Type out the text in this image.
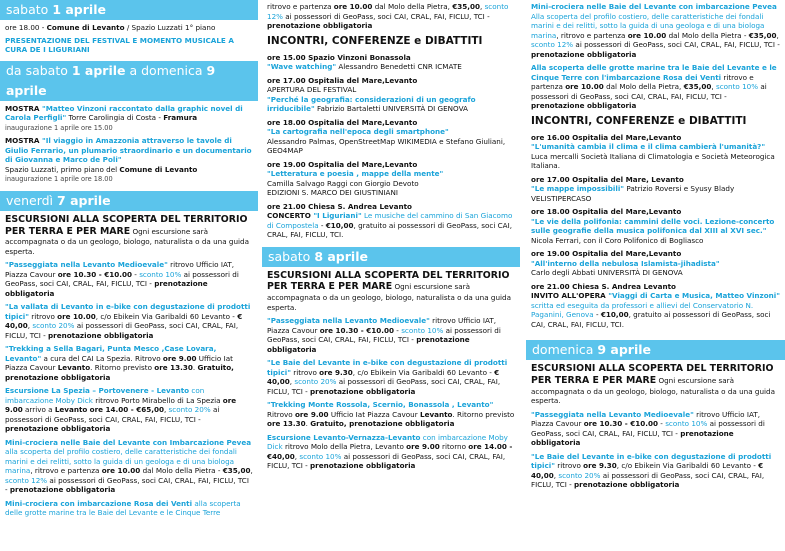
sabato 1 aprile

ore 18.00 - Comune di Levanto / Spazio Luzzati 1° piano

PRESENTAZIONE DEL FESTIVAL E MOMENTO MUSICALE A CURA DE I LIGURIANI

da sabato 1 aprile a domenica 9 aprile
MOSTRA "Matteo Vinzoni raccontato dalla graphic novel di Carola Perfigli" Torre Carolingia di Costa - Framura
inaugurazione 1 aprile ore 15.00
MOSTRA "Il viaggio in Amazzonia attraverso le tavole di Giulio Ferrario, un plumario straordinario e un documentario di Giovanna e Marco de Poli"
Spazio Luzzati, primo piano del Comune di Levanto
inaugurazione 1 aprile ore 18.00
venerdì 7 aprile
ESCURSIONI ALLA SCOPERTA DEL TERRITORIO PER TERRA E PER MARE Ogni escursione sarà accompagnata o da un geologo, biologo, naturalista o da una guida esperta.
"Passeggiata nella Levanto Medioevale" ritrovo Ufficio IAT, Piazza Cavour ore 10.30 - €10.00 - sconto 10% ai possessori di GeoPass, soci CAI, CRAL, FAI, FICLU, TCI - prenotazione obbligatoria
"La vallata di Levanto in e-bike con degustazione di prodotti tipici" ritrovo ore 10.00, c/o Ebikein Via Garibaldi 60 Levanto - € 40,00, sconto 20% ai possessori di GeoPass, soci CAI, CRAL, FAI, FICLU, TCI - prenotazione obbligatoria
"Trekking a Sella Bagari, Punta Mesco ,Case Lovara, Levanto" a cura del CAI La Spezia. Ritrovo ore 9.00 Ufficio Iat Piazza Cavour Levanto. Ritorno previsto ore 13.30. Gratuito, prenotazione obbligatoria
Escursione La Spezia – Portovenere - Levanto con imbarcazione Moby Dick ritrovo Porto Mirabello di La Spezia ore 9.00 arrivo a Levanto ore 14.00 - €65,00, sconto 20% ai possessori di GeoPass, soci CAI, CRAL, FAI, FICLU, TCI - prenotazione obbligatoria
Mini-crociera nelle Baie del Levante con Imbarcazione Pevea alla scoperta del profilo costiero, delle caratteristiche dei fondali marini e dei relitti, sotto la guida di un geologa e di una biologa marina, ritrovo e partenza ore 10.00 dal Molo della Pietra - €35,00, sconto 12% ai possessori di GeoPass, soci CAI, CRAL, FAI, FICLU, TCI - prenotazione obbligatoria
Mini-crociera con imbarcazione Rosa dei Venti alla scoperta delle grotte marine tra le Baie del Levante e le Cinque Terre
ritrovo e partenza ore 10.00 dal Molo della Pietra, €35,00, sconto 12% ai possessori di GeoPass, soci CAI, CRAL, FAI, FICLU, TCI - prenotazione obbligatoria

INCONTRI, CONFERENZE e DIBATTITI

ore 15.00 Spazio Vinzoni Bonassola
"Wave watching" Alessandro Benedetti CNR ICMATE
ore 17.00 Ospitalia del Mare,Levanto
APERTURA DEL FESTIVAL
"Perché la geografia: considerazioni di un geografo irriducibile" Fabrizio Bartaletti UNIVERSITÀ DI GENOVA
ore 18.00 Ospitalia del Mare,Levanto
"La cartografia nell'epoca degli smartphone"
Alessandro Palmas, OpenStreetMap WIKIMEDIA e Stefano Giuliani, GEO4MAP
ore 19.00 Ospitalia del Mare,Levanto
"Letteratura e poesia , mappe della mente"
Camilla Salvago Raggi con Giorgio Devoto
EDIZIONI S. MARCO DEI GIUSTINIANI
ore 21.00 Chiesa S. Andrea Levanto
CONCERTO "I Liguriani" Le musiche del cammino di San Giacomo di Compostela - €10,00, gratuito ai possessori di GeoPass, soci CAI, CRAL, FAI, FICLU, TCI.
sabato 8 aprile
ESCURSIONI ALLA SCOPERTA DEL TERRITORIO PER TERRA E PER MARE Ogni escursione sarà accompagnata o da un geologo, biologo, naturalista o da una guida esperta.
"Passeggiata nella Levanto Medioevale" ritrovo Ufficio IAT, Piazza Cavour ore 10.30 - €10.00 - sconto 10% ai possessori di GeoPass, soci CAI, CRAL, FAI, FICLU, TCI - prenotazione obbligatoria
"Le Baie del Levante in e-bike con degustazione di prodotti tipici" ritrovo ore 9.30, c/o Ebikein Via Garibaldi 60 Levanto - € 40,00, sconto 20% ai possessori di GeoPass, soci CAI, CRAL, FAI, FICLU, TCI - prenotazione obbligatoria
"Trekking Monte Rossola, Scernio, Bonassola , Levanto" Ritrovo ore 9.00 Ufficio Iat Piazza Cavour Levanto. Ritorno previsto ore 13.30. Gratuito, prenotazione obbligatoria
Escursione Levanto-Vernazza-Levanto con imbarcazione Moby Dick ritrovo Molo della Pietra, Levanto ore 9.00 ritorno ore 14.00 - €40,00, sconto 10% ai possessori di GeoPass, soci CAI, CRAL, FAI, FICLU, TCI - prenotazione obbligatoria
Mini-crociera nelle Baie del Levante con imbarcazione Pevea Alla scoperta del profilo costiero, delle caratteristiche dei fondali marini e dei relitti, sotto la guida di una geologa e di una biologa marina, ritrovo e partenza ore 10.00 dal Molo della Pietra - €35,00, sconto 12% ai possessori di GeoPass, soci CAI, CRAL, FAI, FICLU, TCI - prenotazione obbligatoria
Alla scoperta delle grotte marine tra le Baie del Levante e le Cinque Terre con l'imbarcazione Rosa dei Venti ritrovo e partenza ore 10.00 dal Molo della Pietra, €35,00, sconto 10% ai possessori di GeoPass, soci CAI, CRAL, FAI, FICLU, TCI - prenotazione obbligatoria

INCONTRI, CONFERENZE e DIBATTITI

ore 16.00 Ospitalia del Mare,Levanto
"L'umanità cambia il clima e il clima cambierà l'umanità?"
Luca mercalli Società Italiana di Climatologia e Società Meteorogica Italiana.
ore 17.00 Ospitalia del Mare, Levanto
"Le mappe impossibili" Patrizio Roversi e Syusy Blady VELISTIPERCASO
ore 18.00 Ospitalia del Mare,Levanto
"Le vie della polifonia: cammini delle voci. Lezione-concerto sulle geografie della musica polifonica dal XIII al XVI sec." Nicola Ferrari, con il Coro Polifonico di Bogliasco
ore 19.00 Ospitalia del Mare,Levanto
"All'interno della nebulosa Islamista-jihadista"
Carlo degli Abbati UNIVERSITÀ DI GENOVA
ore 21.00 Chiesa S. Andrea Levanto
INVITO ALL'OPERA "Viaggi di Carta e Musica, Matteo Vinzoni" scritta ed eseguita da professori e allievi del Conservatorio N. Paganini, Genova - €10,00, gratuito ai possessori di GeoPass, soci CAI, CRAL, FAI, FICLU, TCI.
domenica 9 aprile
ESCURSIONI ALLA SCOPERTA DEL TERRITORIO PER TERRA E PER MARE Ogni escursione sarà accompagnata o da un geologo, biologo, naturalista o da una guida esperta.
"Passeggiata nella Levanto Medioevale" ritrovo Ufficio IAT, Piazza Cavour ore 10.30 - €10.00 - sconto 10% ai possessori di GeoPass, soci CAI, CRAL, FAI, FICLU, TCI - prenotazione obbligatoria
"Le Baie del Levante in e-bike con degustazione di prodotti tipici" ritrovo ore 9.30, c/o Ebikein Via Garibaldi 60 Levanto - € 40,00, sconto 20% ai possessori di GeoPass, soci CAI, CRAL, FAI, FICLU, TCI - prenotazione obbligatoria
